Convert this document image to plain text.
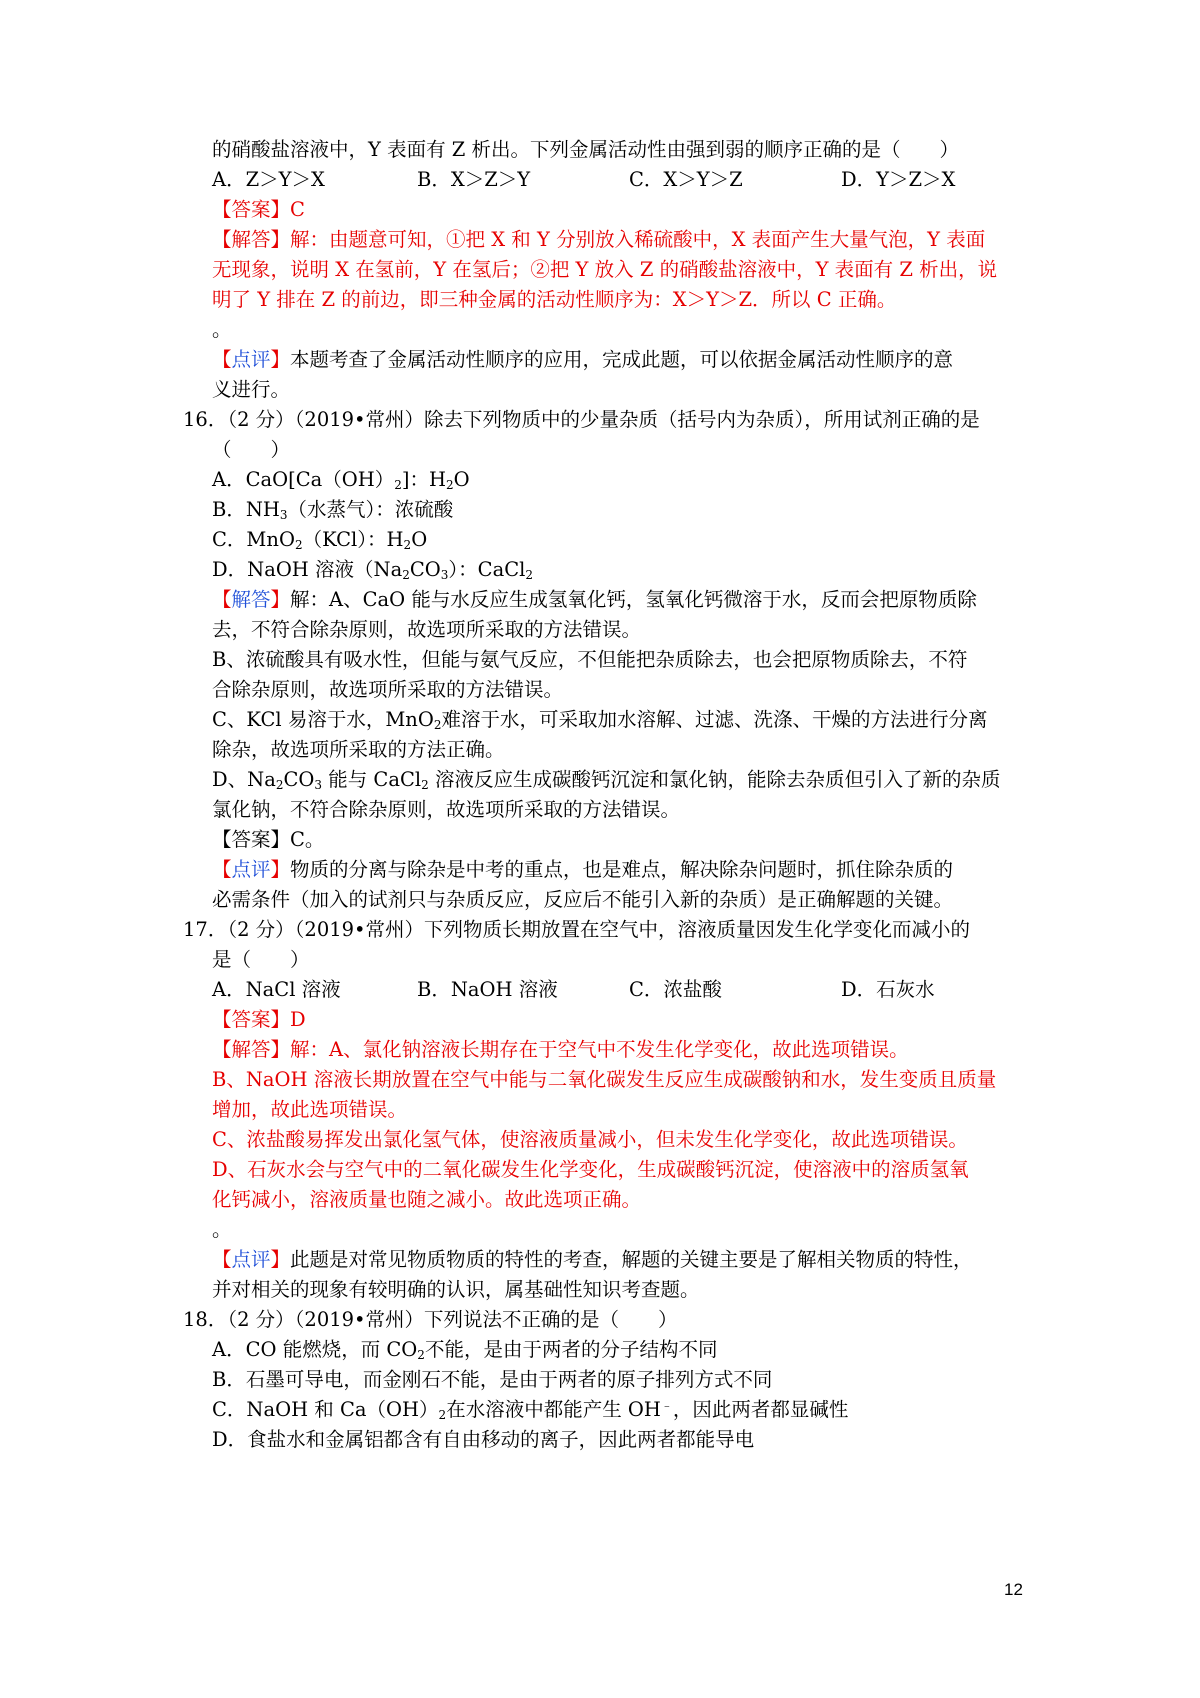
的硝酸盐溶液中，Y 表面有 Z 析出。下列金属活动性由强到弱的顺序正确的是（　　）
A．Z＞Y＞X	B．X＞Z＞Y	C．X＞Y＞Z	D．Y＞Z＞X
【答案】C
【解答】解：由题意可知，①把 X 和 Y 分别放入稀硫酸中，X 表面产生大量气泡，Y 表面
无现象，说明 X 在氢前，Y 在氢后；②把 Y 放入 Z 的硝酸盐溶液中，Y 表面有 Z 析出，说
明了 Y 排在 Z 的前边，即三种金属的活动性顺序为：X＞Y＞Z．所以 C 正确。
。
【点评】本题考查了金属活动性顺序的应用，完成此题，可以依据金属活动性顺序的意
义进行。
16．（2 分）（2019•常州）除去下列物质中的少量杂质（括号内为杂质），所用试剂正确的是
（　　）
A．$CaO[Ca(OH)_2]$：$H_2O$
B．$NH_3$（水蒸气）：浓硫酸
C．MnO$_2$（KCl）：$H_2O$
D．NaOH 溶液$(Na_2CO_3)$：CaCl$_2$
【解答】解：A、CaO 能与水反应生成氢氧化钙，氢氧化钙微溶于水，反而会把原物质除
去，不符合除杂原则，故选项所采取的方法错误。
B、浓硫酸具有吸水性，但能与氨气反应，不但能把杂质除去，也会把原物质除去，不符
合除杂原则，故选项所采取的方法错误。
C、KCl 易溶于水，MnO$_2$难溶于水，可采取加水溶解、过滤、洗涤、干燥的方法进行分离
除杂，故选项所采取的方法正确。
D、$Na_2CO_3$ 能与 CaCl$_2$ 溶液反应生成碳酸钙沉淀和氯化钠，能除去杂质但引入了新的杂质
氯化钠，不符合除杂原则，故选项所采取的方法错误。
【答案】C。
【点评】物质的分离与除杂是中考的重点，也是难点，解决除杂问题时，抓住除杂质的
必需条件（加入的试剂只与杂质反应，反应后不能引入新的杂质）是正确解题的关键。
17．（2 分）（2019•常州）下列物质长期放置在空气中，溶液质量因发生化学变化而减小的
是（　　）
A．NaCl 溶液	B．NaOH 溶液	C．浓盐酸	D．石灰水
【答案】D
【解答】解：A、氯化钠溶液长期存在于空气中不发生化学变化，故此选项错误。
B、NaOH 溶液长期放置在空气中能与二氧化碳发生反应生成碳酸钠和水，发生变质且质量
增加，故此选项错误。
C、浓盐酸易挥发出氯化氢气体，使溶液质量减小，但未发生化学变化，故此选项错误。
D、石灰水会与空气中的二氧化碳发生化学变化，生成碳酸钙沉淀，使溶液中的溶质氢氧
化钙减小，溶液质量也随之减小。故此选项正确。
。
【点评】此题是对常见物质物质的特性的考查，解题的关键主要是了解相关物质的特性，
并对相关的现象有较明确的认识，属基础性知识考查题。
18．（2 分）（2019•常州）下列说法不正确的是（　　）
A．CO 能燃烧，而 $CO_2$不能，是由于两者的分子结构不同
B．石墨可导电，而金刚石不能，是由于两者的原子排列方式不同
C．NaOH 和 $Ca(OH)_2$在水溶液中都能产生 OH﹣，因此两者都显碱性
D．食盐水和金属铝都含有自由移动的离子，因此两者都能导电
12
